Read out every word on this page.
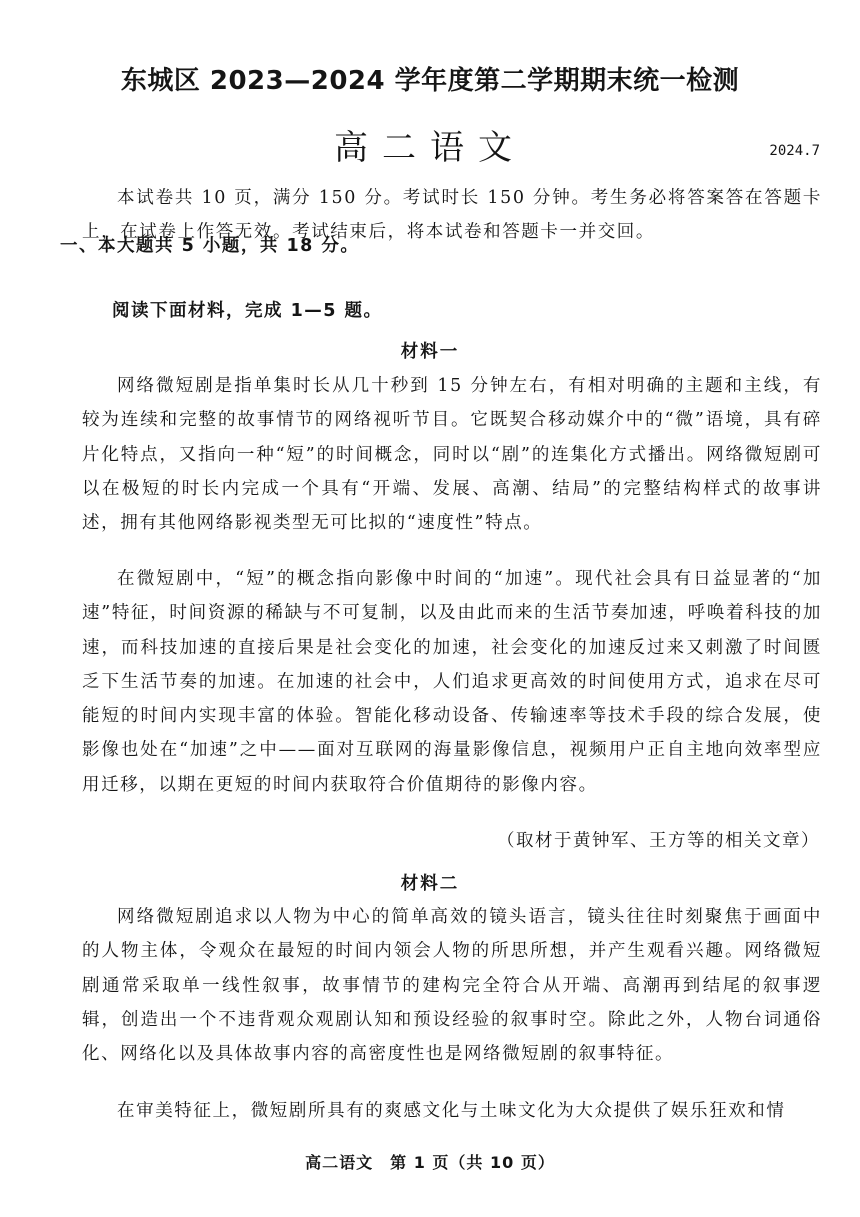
东城区 2023—2024 学年度第二学期期末统一检测
高二语文	2024.7

本试卷共 10 页，满分 150 分。考试时长 150 分钟。考生务必将答案答在答题卡上，在试卷上作答无效。考试结束后，将本试卷和答题卡一并交回。

一、本大题共 5 小题，共 18 分。
阅读下面材料，完成 1—5 题。
材料一

网络微短剧是指单集时长从几十秒到 15 分钟左右，有相对明确的主题和主线，有较为连续和完整的故事情节的网络视听节目。它既契合移动媒介中的“微”语境，具有碎片化特点，又指向一种“短”的时间概念，同时以“剧”的连集化方式播出。网络微短剧可以在极短的时长内完成一个具有“开端、发展、高潮、结局”的完整结构样式的故事讲述，拥有其他网络影视类型无可比拟的“速度性”特点。

在微短剧中，“短”的概念指向影像中时间的“加速”。现代社会具有日益显著的“加速”特征，时间资源的稀缺与不可复制，以及由此而来的生活节奏加速，呼唤着科技的加速，而科技加速的直接后果是社会变化的加速，社会变化的加速反过来又刺激了时间匮乏下生活节奏的加速。在加速的社会中，人们追求更高效的时间使用方式，追求在尽可能短的时间内实现丰富的体验。智能化移动设备、传输速率等技术手段的综合发展，使影像也处在“加速”之中——面对互联网的海量影像信息，视频用户正自主地向效率型应用迁移，以期在更短的时间内获取符合价值期待的影像内容。

（取材于黄钟军、王方等的相关文章）
材料二

网络微短剧追求以人物为中心的简单高效的镜头语言，镜头往往时刻聚焦于画面中的人物主体，令观众在最短的时间内领会人物的所思所想，并产生观看兴趣。网络微短剧通常采取单一线性叙事，故事情节的建构完全符合从开端、高潮再到结尾的叙事逻辑，创造出一个不违背观众观剧认知和预设经验的叙事时空。除此之外，人物台词通俗化、网络化以及具体故事内容的高密度性也是网络微短剧的叙事特征。

在审美特征上，微短剧所具有的爽感文化与土味文化为大众提供了娱乐狂欢和情

高二语文　第 1 页（共 10 页）
